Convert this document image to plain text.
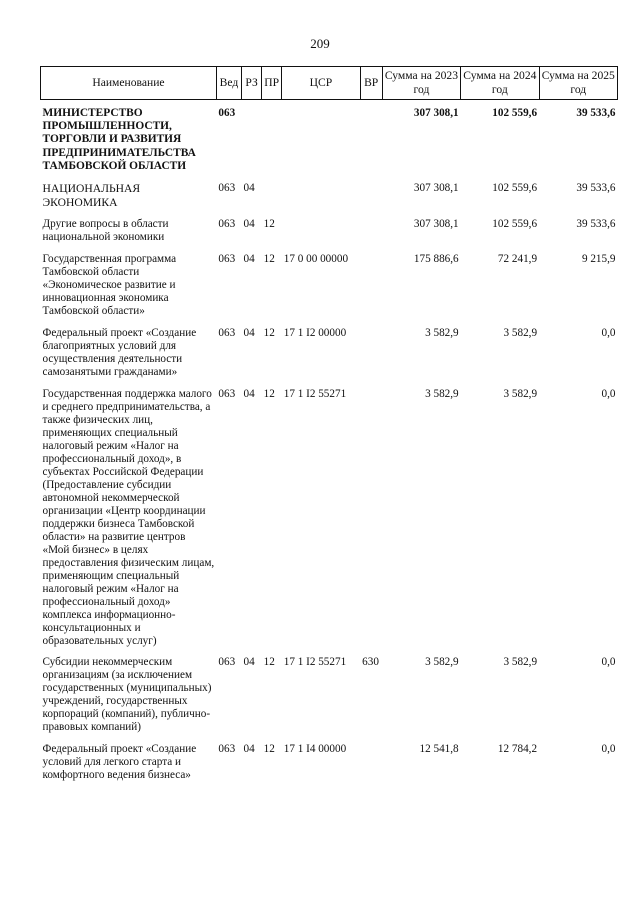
209
Наименование	Вед	РЗ	ПР	ЦСР	ВР	Сумма на 2023 год	Сумма на 2024 год	Сумма на 2025 год
МИНИСТЕРСТВО ПРОМЫШЛЕННОСТИ, ТОРГОВЛИ И РАЗВИТИЯ ПРЕДПРИНИМАТЕЛЬСТВА ТАМБОВСКОЙ ОБЛАСТИ	063					307 308,1	102 559,6	39 533,6
НАЦИОНАЛЬНАЯ ЭКОНОМИКА	063	04				307 308,1	102 559,6	39 533,6
Другие вопросы в области национальной экономики	063	04	12			307 308,1	102 559,6	39 533,6
Государственная программа Тамбовской области «Экономическое развитие и инновационная экономика Тамбовской области»	063	04	12	17 0 00 00000		175 886,6	72 241,9	9 215,9
Федеральный проект «Создание благоприятных условий для осуществления деятельности самозанятыми гражданами»	063	04	12	17 1 I2 00000		3 582,9	3 582,9	0,0
Государственная поддержка малого и среднего предпринимательства, а также физических лиц, применяющих специальный налоговый режим «Налог на профессиональный доход», в субъектах Российской Федерации (Предоставление субсидии автономной некоммерческой организации «Центр координации поддержки бизнеса Тамбовской области» на развитие центров «Мой бизнес» в целях предоставления физическим лицам, применяющим специальный налоговый режим «Налог на профессиональный доход» комплекса информационно-консультационных и образовательных услуг)	063	04	12	17 1 I2 55271		3 582,9	3 582,9	0,0
Субсидии некоммерческим организациям (за исключением государственных (муниципальных) учреждений, государственных корпораций (компаний), публично-правовых компаний)	063	04	12	17 1 I2 55271	630	3 582,9	3 582,9	0,0
Федеральный проект «Создание условий для легкого старта и комфортного ведения бизнеса»	063	04	12	17 1 I4 00000		12 541,8	12 784,2	0,0
